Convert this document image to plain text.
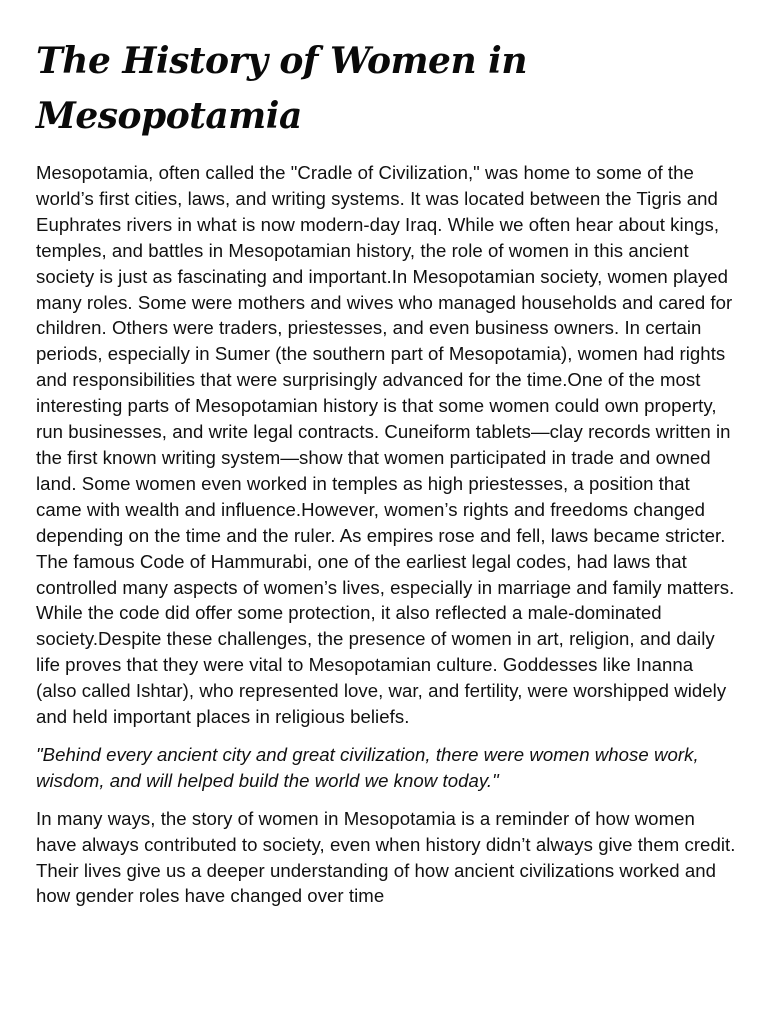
The History of Women in Mesopotamia

Mesopotamia, often called the "Cradle of Civilization," was home to some of the world’s first cities, laws, and writing systems. It was located between the Tigris and Euphrates rivers in what is now modern-day Iraq. While we often hear about kings, temples, and battles in Mesopotamian history, the role of women in this ancient society is just as fascinating and important.In Mesopotamian society, women played many roles. Some were mothers and wives who managed households and cared for children. Others were traders, priestesses, and even business owners. In certain periods, especially in Sumer (the southern part of Mesopotamia), women had rights and responsibilities that were surprisingly advanced for the time.One of the most interesting parts of Mesopotamian history is that some women could own property, run businesses, and write legal contracts. Cuneiform tablets—clay records written in the first known writing system—show that women participated in trade and owned land. Some women even worked in temples as high priestesses, a position that came with wealth and influence.However, women’s rights and freedoms changed depending on the time and the ruler. As empires rose and fell, laws became stricter. The famous Code of Hammurabi, one of the earliest legal codes, had laws that controlled many aspects of women’s lives, especially in marriage and family matters. While the code did offer some protection, it also reflected a male-dominated society.Despite these challenges, the presence of women in art, religion, and daily life proves that they were vital to Mesopotamian culture. Goddesses like Inanna (also called Ishtar), who represented love, war, and fertility, were worshipped widely and held important places in religious beliefs.

"Behind every ancient city and great civilization, there were women whose work, wisdom, and will helped build the world we know today."

In many ways, the story of women in Mesopotamia is a reminder of how women have always contributed to society, even when history didn’t always give them credit. Their lives give us a deeper understanding of how ancient civilizations worked and how gender roles have changed over time
